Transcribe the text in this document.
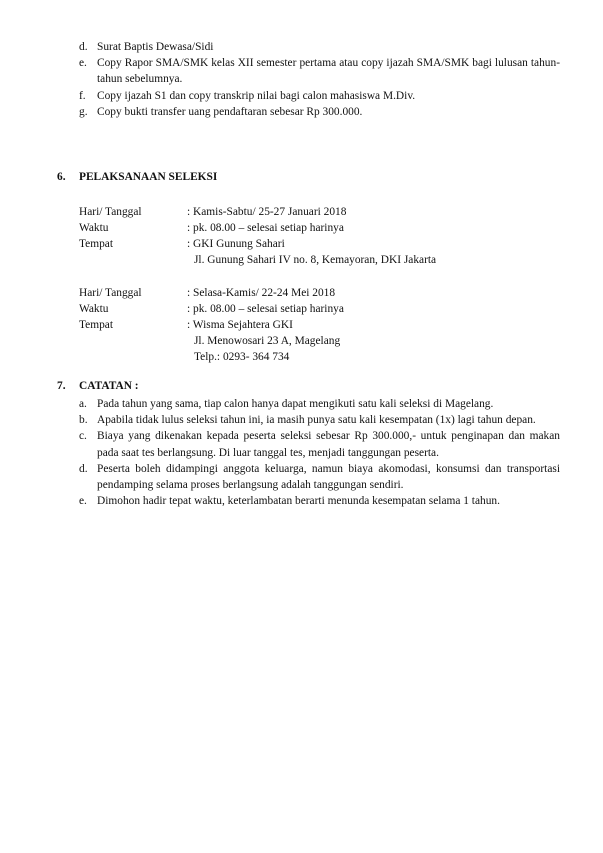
d. Surat Baptis Dewasa/Sidi
e. Copy Rapor SMA/SMK kelas XII semester pertama atau copy ijazah SMA/SMK bagi lulusan tahun-tahun sebelumnya.
f. Copy ijazah S1 dan copy transkrip nilai bagi calon mahasiswa M.Div.
g. Copy bukti transfer uang pendaftaran sebesar Rp 300.000.
6. PELAKSANAAN SELEKSI
Hari/ Tanggal	: Kamis-Sabtu/ 25-27 Januari 2018
Waktu	: pk. 08.00 – selesai setiap harinya
Tempat	: GKI Gunung Sahari
Jl. Gunung Sahari IV no. 8, Kemayoran, DKI Jakarta
Hari/ Tanggal	: Selasa-Kamis/ 22-24 Mei 2018
Waktu	: pk. 08.00 – selesai setiap harinya
Tempat	: Wisma Sejahtera GKI
Jl. Menowosari 23 A, Magelang
Telp.: 0293- 364 734
7. CATATAN :
a. Pada tahun yang sama, tiap calon hanya dapat mengikuti satu kali seleksi di Magelang.
b. Apabila tidak lulus seleksi tahun ini, ia masih punya satu kali kesempatan (1x) lagi tahun depan.
c. Biaya yang dikenakan kepada peserta seleksi sebesar Rp 300.000,- untuk penginapan dan makan pada saat tes berlangsung. Di luar tanggal tes, menjadi tanggungan peserta.
d. Peserta boleh didampingi anggota keluarga, namun biaya akomodasi, konsumsi dan transportasi pendamping selama proses berlangsung adalah tanggungan sendiri.
e. Dimohon hadir tepat waktu, keterlambatan berarti menunda kesempatan selama 1 tahun.
